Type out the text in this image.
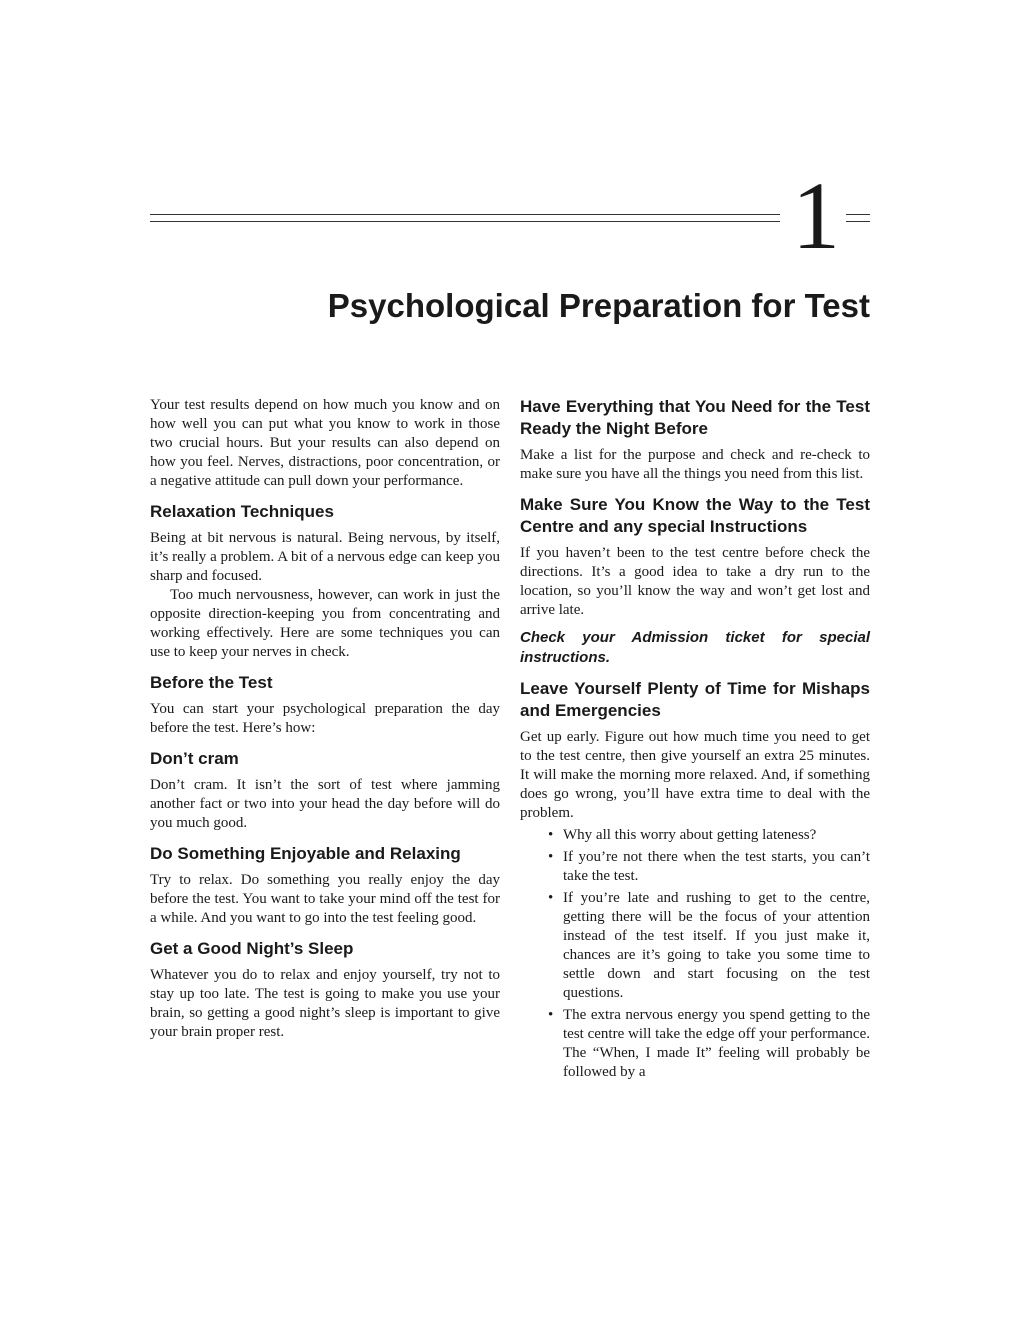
1
Psychological Preparation for Test

Your test results depend on how much you know and on how well you can put what you know to work in those two crucial hours. But your results can also depend on how you feel. Nerves, distractions, poor concentration, or a negative attitude can pull down your performance.

Relaxation Techniques

Being at bit nervous is natural. Being nervous, by itself, it’s really a problem. A bit of a nervous edge can keep you sharp and focused.

Too much nervousness, however, can work in just the opposite direction-keeping you from concentrating and working effectively. Here are some techniques you can use to keep your nerves in check.

Before the Test

You can start your psychological preparation the day before the test. Here’s how:

Don’t cram

Don’t cram. It isn’t the sort of test where jamming another fact or two into your head the day before will do you much good.

Do Something Enjoyable and Relaxing

Try to relax. Do something you really enjoy the day before the test. You want to take your mind off the test for a while. And you want to go into the test feeling good.

Get a Good Night’s Sleep

Whatever you do to relax and enjoy yourself, try not to stay up too late. The test is going to make you use your brain, so getting a good night’s sleep is important to give your brain proper rest.

Have Everything that You Need for the Test Ready the Night Before

Make a list for the purpose and check and re-check to make sure you have all the things you need from this list.

Make Sure You Know the Way to the Test Centre and any special Instructions

If you haven’t been to the test centre before check the directions. It’s a good idea to take a dry run to the location, so you’ll know the way and won’t get lost and arrive late.

Check your Admission ticket for special instructions.
Leave Yourself Plenty of Time for Mishaps and Emergencies

Get up early. Figure out how much time you need to get to the test centre, then give yourself an extra 25 minutes. It will make the morning more relaxed. And, if something does go wrong, you’ll have extra time to deal with the problem.

• Why all this worry about getting lateness?
• If you’re not there when the test starts, you can’t take the test.
• If you’re late and rushing to get to the centre, getting there will be the focus of your attention instead of the test itself. If you just make it, chances are it’s going to take you some time to settle down and start focusing on the test questions.
• The extra nervous energy you spend getting to the test centre will take the edge off your performance. The “When, I made It” feeling will probably be followed by a
